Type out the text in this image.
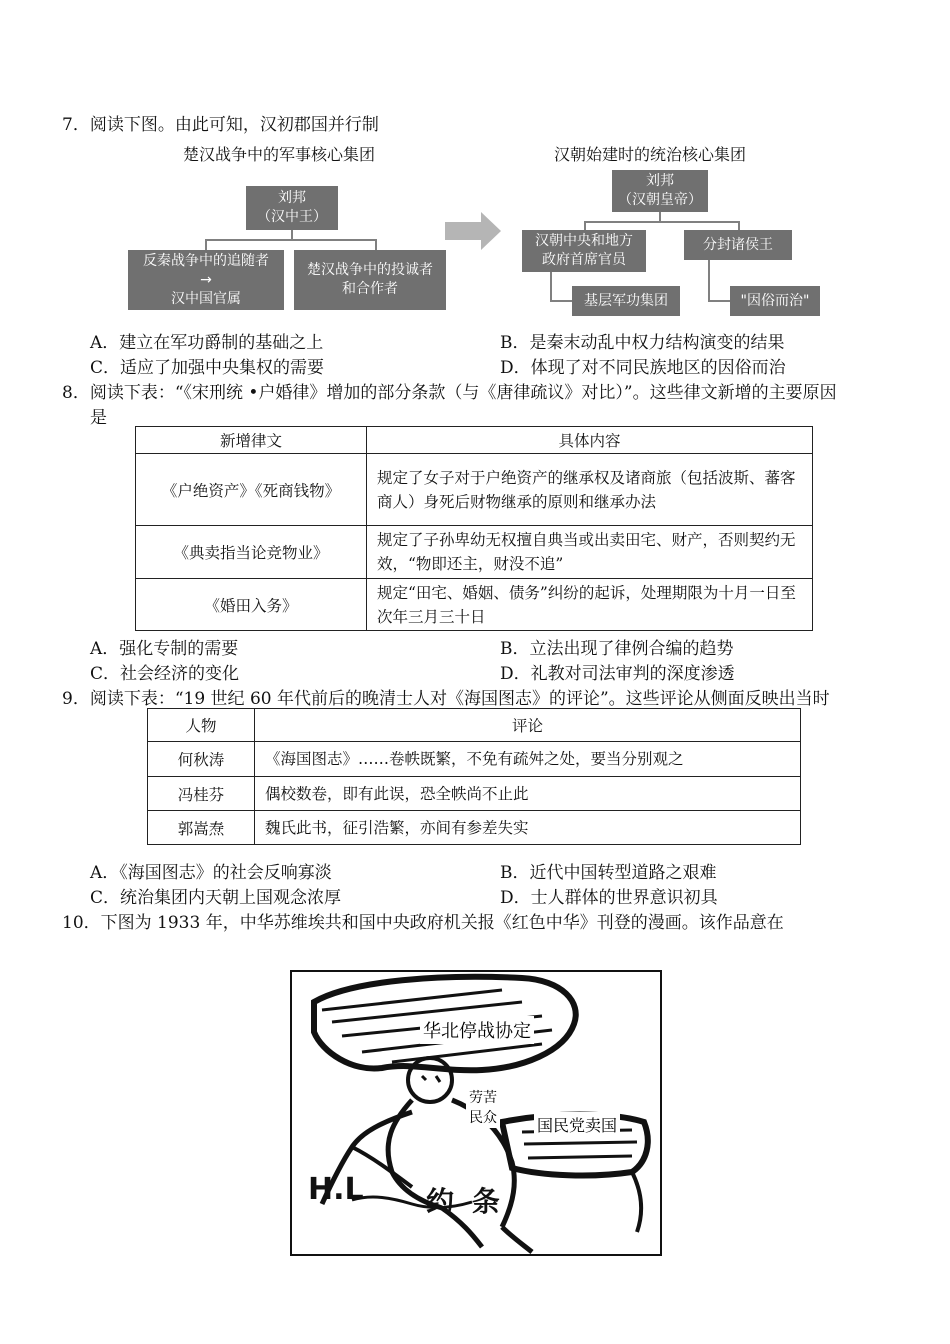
7．阅读下图。由此可知，汉初郡国并行制
楚汉战争中的军事核心集团	汉朝始建时的统治核心集团
刘邦
（汉中王）
反秦战争中的追随者
→
汉中国官属
楚汉战争中的投诚者
和合作者
刘邦
（汉朝皇帝）
汉朝中央和地方
政府首席官员
分封诸侯王
基层军功集团	"因俗而治"
A．建立在军功爵制的基础之上	B．是秦末动乱中权力结构演变的结果
C．适应了加强中央集权的需要	D．体现了对不同民族地区的因俗而治
8．阅读下表：“《宋刑统 •户婚律》增加的部分条款（与《唐律疏议》对比）”。这些律文新增的主要原因
是
新增律文	具体内容
《户绝资产》《死商钱物》	规定了女子对于户绝资产的继承权及诸商旅（包括波斯、蕃客商人）身死后财物继承的原则和继承办法
《典卖指当论竞物业》	规定了子孙卑幼无权擅自典当或出卖田宅、财产，否则契约无效，“物即还主，财没不追”
《婚田入务》	规定“田宅、婚姻、债务”纠纷的起诉，处理期限为十月一日至次年三月三十日
A．强化专制的需要	B．立法出现了律例合编的趋势
C．社会经济的变化	D．礼教对司法审判的深度渗透
9．阅读下表：“19 世纪 60 年代前后的晚清士人对《海国图志》的评论”。这些评论从侧面反映出当时
人物	评论
何秋涛	《海国图志》……卷帙既繁，不免有疏舛之处，要当分别观之
冯桂芬	偶校数卷，即有此误，恐全帙尚不止此
郭嵩焘	魏氏此书，征引浩繁，亦间有参差失实
A．《海国图志》的社会反响寡淡	B．近代中国转型道路之艰难
C．统治集团内天朝上国观念浓厚	D．士人群体的世界意识初具
10．下图为 1933 年，中华苏维埃共和国中央政府机关报《红色中华》刊登的漫画。该作品意在
H.L 约 条
华北停战协定
劳苦
民众	国民党卖国
